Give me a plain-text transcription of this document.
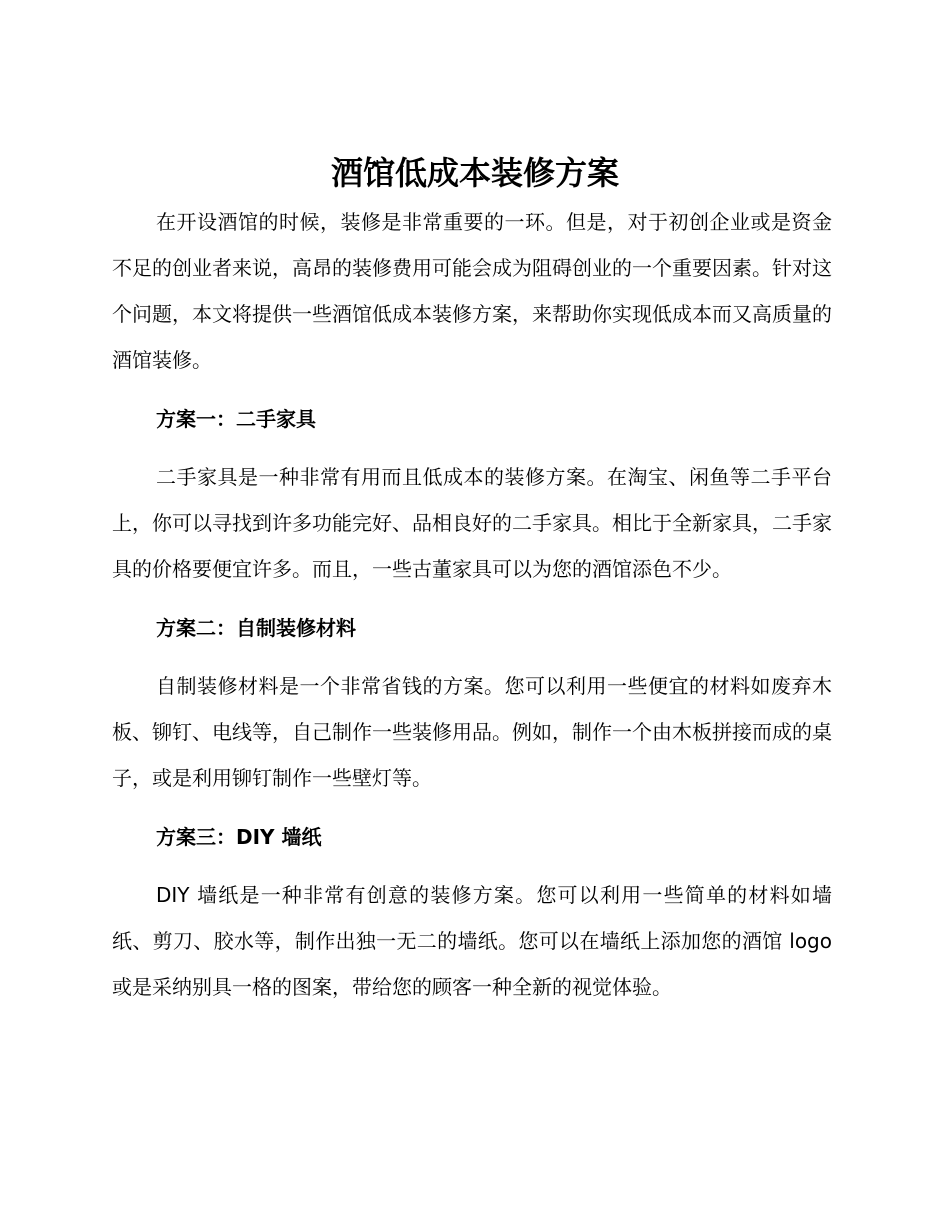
酒馆低成本装修方案

在开设酒馆的时候，装修是非常重要的一环。但是，对于初创企业或是资金不足的创业者来说，高昂的装修费用可能会成为阻碍创业的一个重要因素。针对这个问题，本文将提供一些酒馆低成本装修方案，来帮助你实现低成本而又高质量的酒馆装修。

方案一：二手家具

二手家具是一种非常有用而且低成本的装修方案。在淘宝、闲鱼等二手平台上，你可以寻找到许多功能完好、品相良好的二手家具。相比于全新家具，二手家具的价格要便宜许多。而且，一些古董家具可以为您的酒馆添色不少。

方案二：自制装修材料

自制装修材料是一个非常省钱的方案。您可以利用一些便宜的材料如废弃木板、铆钉、电线等，自己制作一些装修用品。例如，制作一个由木板拼接而成的桌子，或是利用铆钉制作一些壁灯等。

方案三：DIY 墙纸

DIY 墙纸是一种非常有创意的装修方案。您可以利用一些简单的材料如墙纸、剪刀、胶水等，制作出独一无二的墙纸。您可以在墙纸上添加您的酒馆 logo 或是采纳别具一格的图案，带给您的顾客一种全新的视觉体验。
